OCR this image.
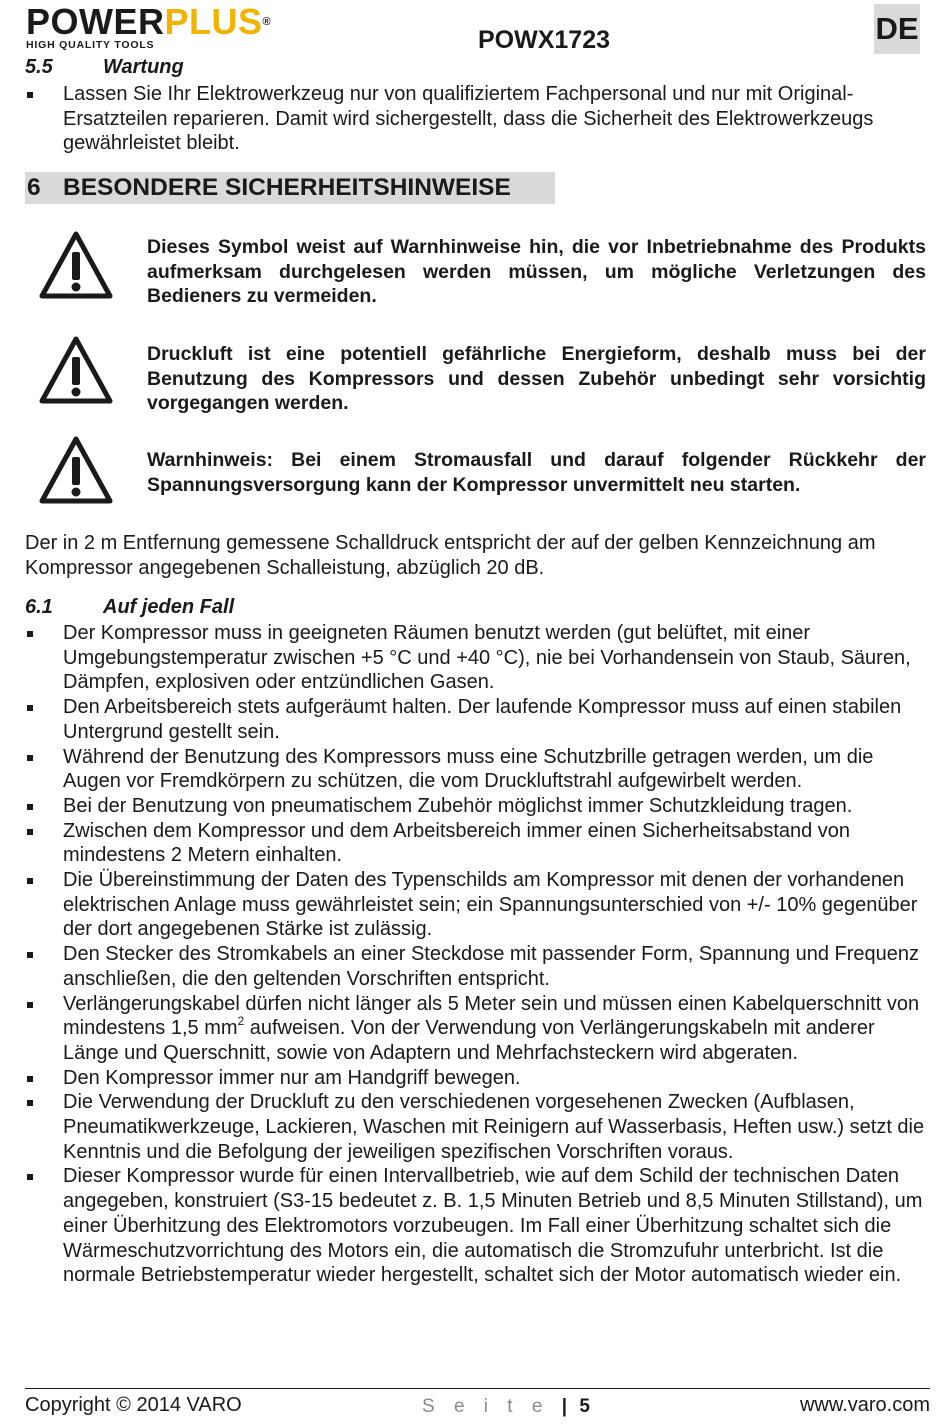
POWERPLUS®
HIGH QUALITY TOOLS	POWX1723	DE
5.5	Wartung
Lassen Sie Ihr Elektrowerkzeug nur von qualifiziertem Fachpersonal und nur mit Original-Ersatzteilen reparieren. Damit wird sichergestellt, dass die Sicherheit des Elektrowerkzeugs gewährleistet bleibt.
6 BESONDERE SICHERHEITSHINWEISE
Dieses Symbol weist auf Warnhinweise hin, die vor Inbetriebnahme des Produkts aufmerksam durchgelesen werden müssen, um mögliche Verletzungen des Bedieners zu vermeiden.
Druckluft ist eine potentiell gefährliche Energieform, deshalb muss bei der Benutzung des Kompressors und dessen Zubehör unbedingt sehr vorsichtig vorgegangen werden.
Warnhinweis: Bei einem Stromausfall und darauf folgender Rückkehr der Spannungsversorgung kann der Kompressor unvermittelt neu starten.
Der in 2 m Entfernung gemessene Schalldruck entspricht der auf der gelben Kennzeichnung am Kompressor angegebenen Schalleistung, abzüglich 20 dB.
6.1	Auf jeden Fall
Der Kompressor muss in geeigneten Räumen benutzt werden (gut belüftet, mit einer Umgebungstemperatur zwischen +5 °C und +40 °C), nie bei Vorhandensein von Staub, Säuren, Dämpfen, explosiven oder entzündlichen Gasen.
Den Arbeitsbereich stets aufgeräumt halten. Der laufende Kompressor muss auf einen stabilen Untergrund gestellt sein.
Während der Benutzung des Kompressors muss eine Schutzbrille getragen werden, um die Augen vor Fremdkörpern zu schützen, die vom Druckluftstrahl aufgewirbelt werden.
Bei der Benutzung von pneumatischem Zubehör möglichst immer Schutzkleidung tragen.
Zwischen dem Kompressor und dem Arbeitsbereich immer einen Sicherheitsabstand von mindestens 2 Metern einhalten.
Die Übereinstimmung der Daten des Typenschilds am Kompressor mit denen der vorhandenen elektrischen Anlage muss gewährleistet sein; ein Spannungsunterschied von +/- 10% gegenüber der dort angegebenen Stärke ist zulässig.
Den Stecker des Stromkabels an einer Steckdose mit passender Form, Spannung und Frequenz anschließen, die den geltenden Vorschriften entspricht.
Verlängerungskabel dürfen nicht länger als 5 Meter sein und müssen einen Kabelquerschnitt von mindestens 1,5 $mm^2$ aufweisen. Von der Verwendung von Verlängerungskabeln mit anderer Länge und Querschnitt, sowie von Adaptern und Mehrfachsteckern wird abgeraten.
Den Kompressor immer nur am Handgriff bewegen.
Die Verwendung der Druckluft zu den verschiedenen vorgesehenen Zwecken (Aufblasen, Pneumatikwerkzeuge, Lackieren, Waschen mit Reinigern auf Wasserbasis, Heften usw.) setzt die Kenntnis und die Befolgung der jeweiligen spezifischen Vorschriften voraus.
Dieser Kompressor wurde für einen Intervallbetrieb, wie auf dem Schild der technischen Daten angegeben, konstruiert (S3-15 bedeutet z. B. 1,5 Minuten Betrieb und 8,5 Minuten Stillstand), um einer Überhitzung des Elektromotors vorzubeugen. Im Fall einer Überhitzung schaltet sich die Wärmeschutzvorrichtung des Motors ein, die automatisch die Stromzufuhr unterbricht. Ist die normale Betriebstemperatur wieder hergestellt, schaltet sich der Motor automatisch wieder ein.
Copyright © 2014 VARO	S e i t e | 5	www.varo.com
